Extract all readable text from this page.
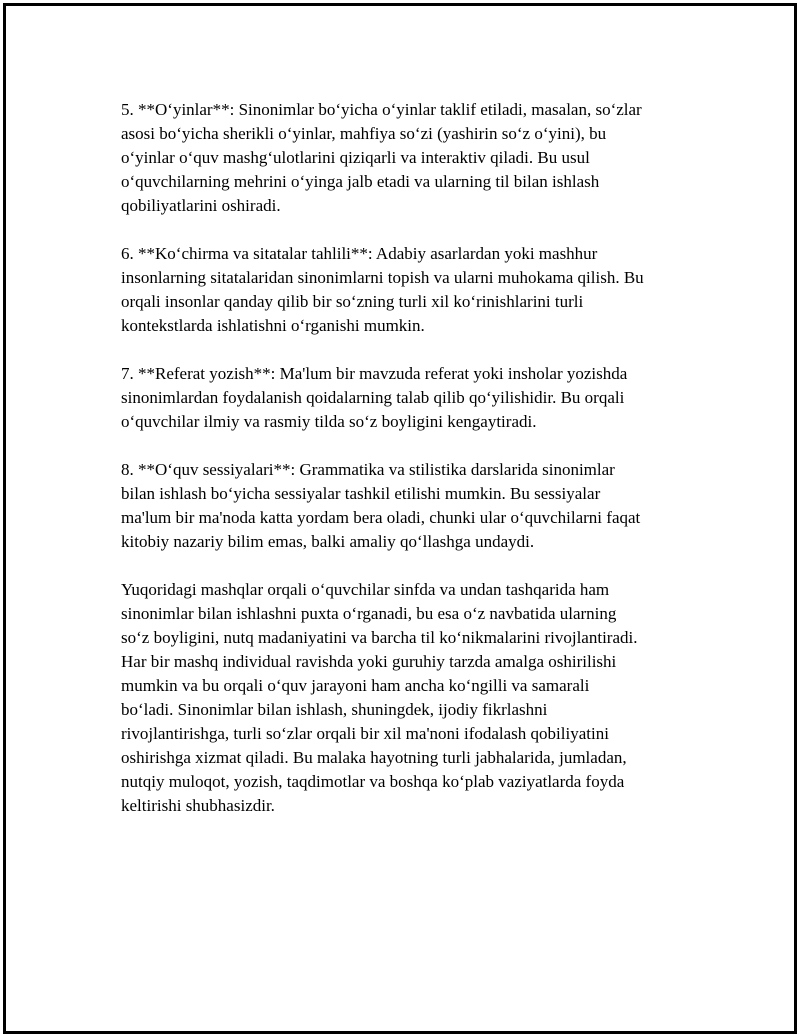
5. **O‘yinlar**: Sinonimlar bo‘yicha o‘yinlar taklif etiladi, masalan, so‘zlar
asosi bo‘yicha sherikli o‘yinlar, mahfiya so‘zi (yashirin so‘z o‘yini), bu
o‘yinlar o‘quv mashg‘ulotlarini qiziqarli va interaktiv qiladi. Bu usul
o‘quvchilarning mehrini o‘yinga jalb etadi va ularning til bilan ishlash
qobiliyatlarini oshiradi.

6. **Ko‘chirma va sitatalar tahlili**: Adabiy asarlardan yoki mashhur
insonlarning sitatalaridan sinonimlarni topish va ularni muhokama qilish. Bu
orqali insonlar qanday qilib bir so‘zning turli xil ko‘rinishlarini turli
kontekstlarda ishlatishni o‘rganishi mumkin.

7. **Referat yozish**: Ma'lum bir mavzuda referat yoki insholar yozishda
sinonimlardan foydalanish qoidalarning talab qilib qo‘yilishidir. Bu orqali
o‘quvchilar ilmiy va rasmiy tilda so‘z boyligini kengaytiradi.

8. **O‘quv sessiyalari**: Grammatika va stilistika darslarida sinonimlar
bilan ishlash bo‘yicha sessiyalar tashkil etilishi mumkin. Bu sessiyalar
ma'lum bir ma'noda katta yordam bera oladi, chunki ular o‘quvchilarni faqat
kitobiy nazariy bilim emas, balki amaliy qo‘llashga undaydi.

Yuqoridagi mashqlar orqali o‘quvchilar sinfda va undan tashqarida ham
sinonimlar bilan ishlashni puxta o‘rganadi, bu esa o‘z navbatida ularning
so‘z boyligini, nutq madaniyatini va barcha til ko‘nikmalarini rivojlantiradi.
Har bir mashq individual ravishda yoki guruhiy tarzda amalga oshirilishi
mumkin va bu orqali o‘quv jarayoni ham ancha ko‘ngilli va samarali
bo‘ladi. Sinonimlar bilan ishlash, shuningdek, ijodiy fikrlashni
rivojlantirishga, turli so‘zlar orqali bir xil ma'noni ifodalash qobiliyatini
oshirishga xizmat qiladi. Bu malaka hayotning turli jabhalarida, jumladan,
nutqiy muloqot, yozish, taqdimotlar va boshqa ko‘plab vaziyatlarda foyda
keltirishi shubhasizdir.
